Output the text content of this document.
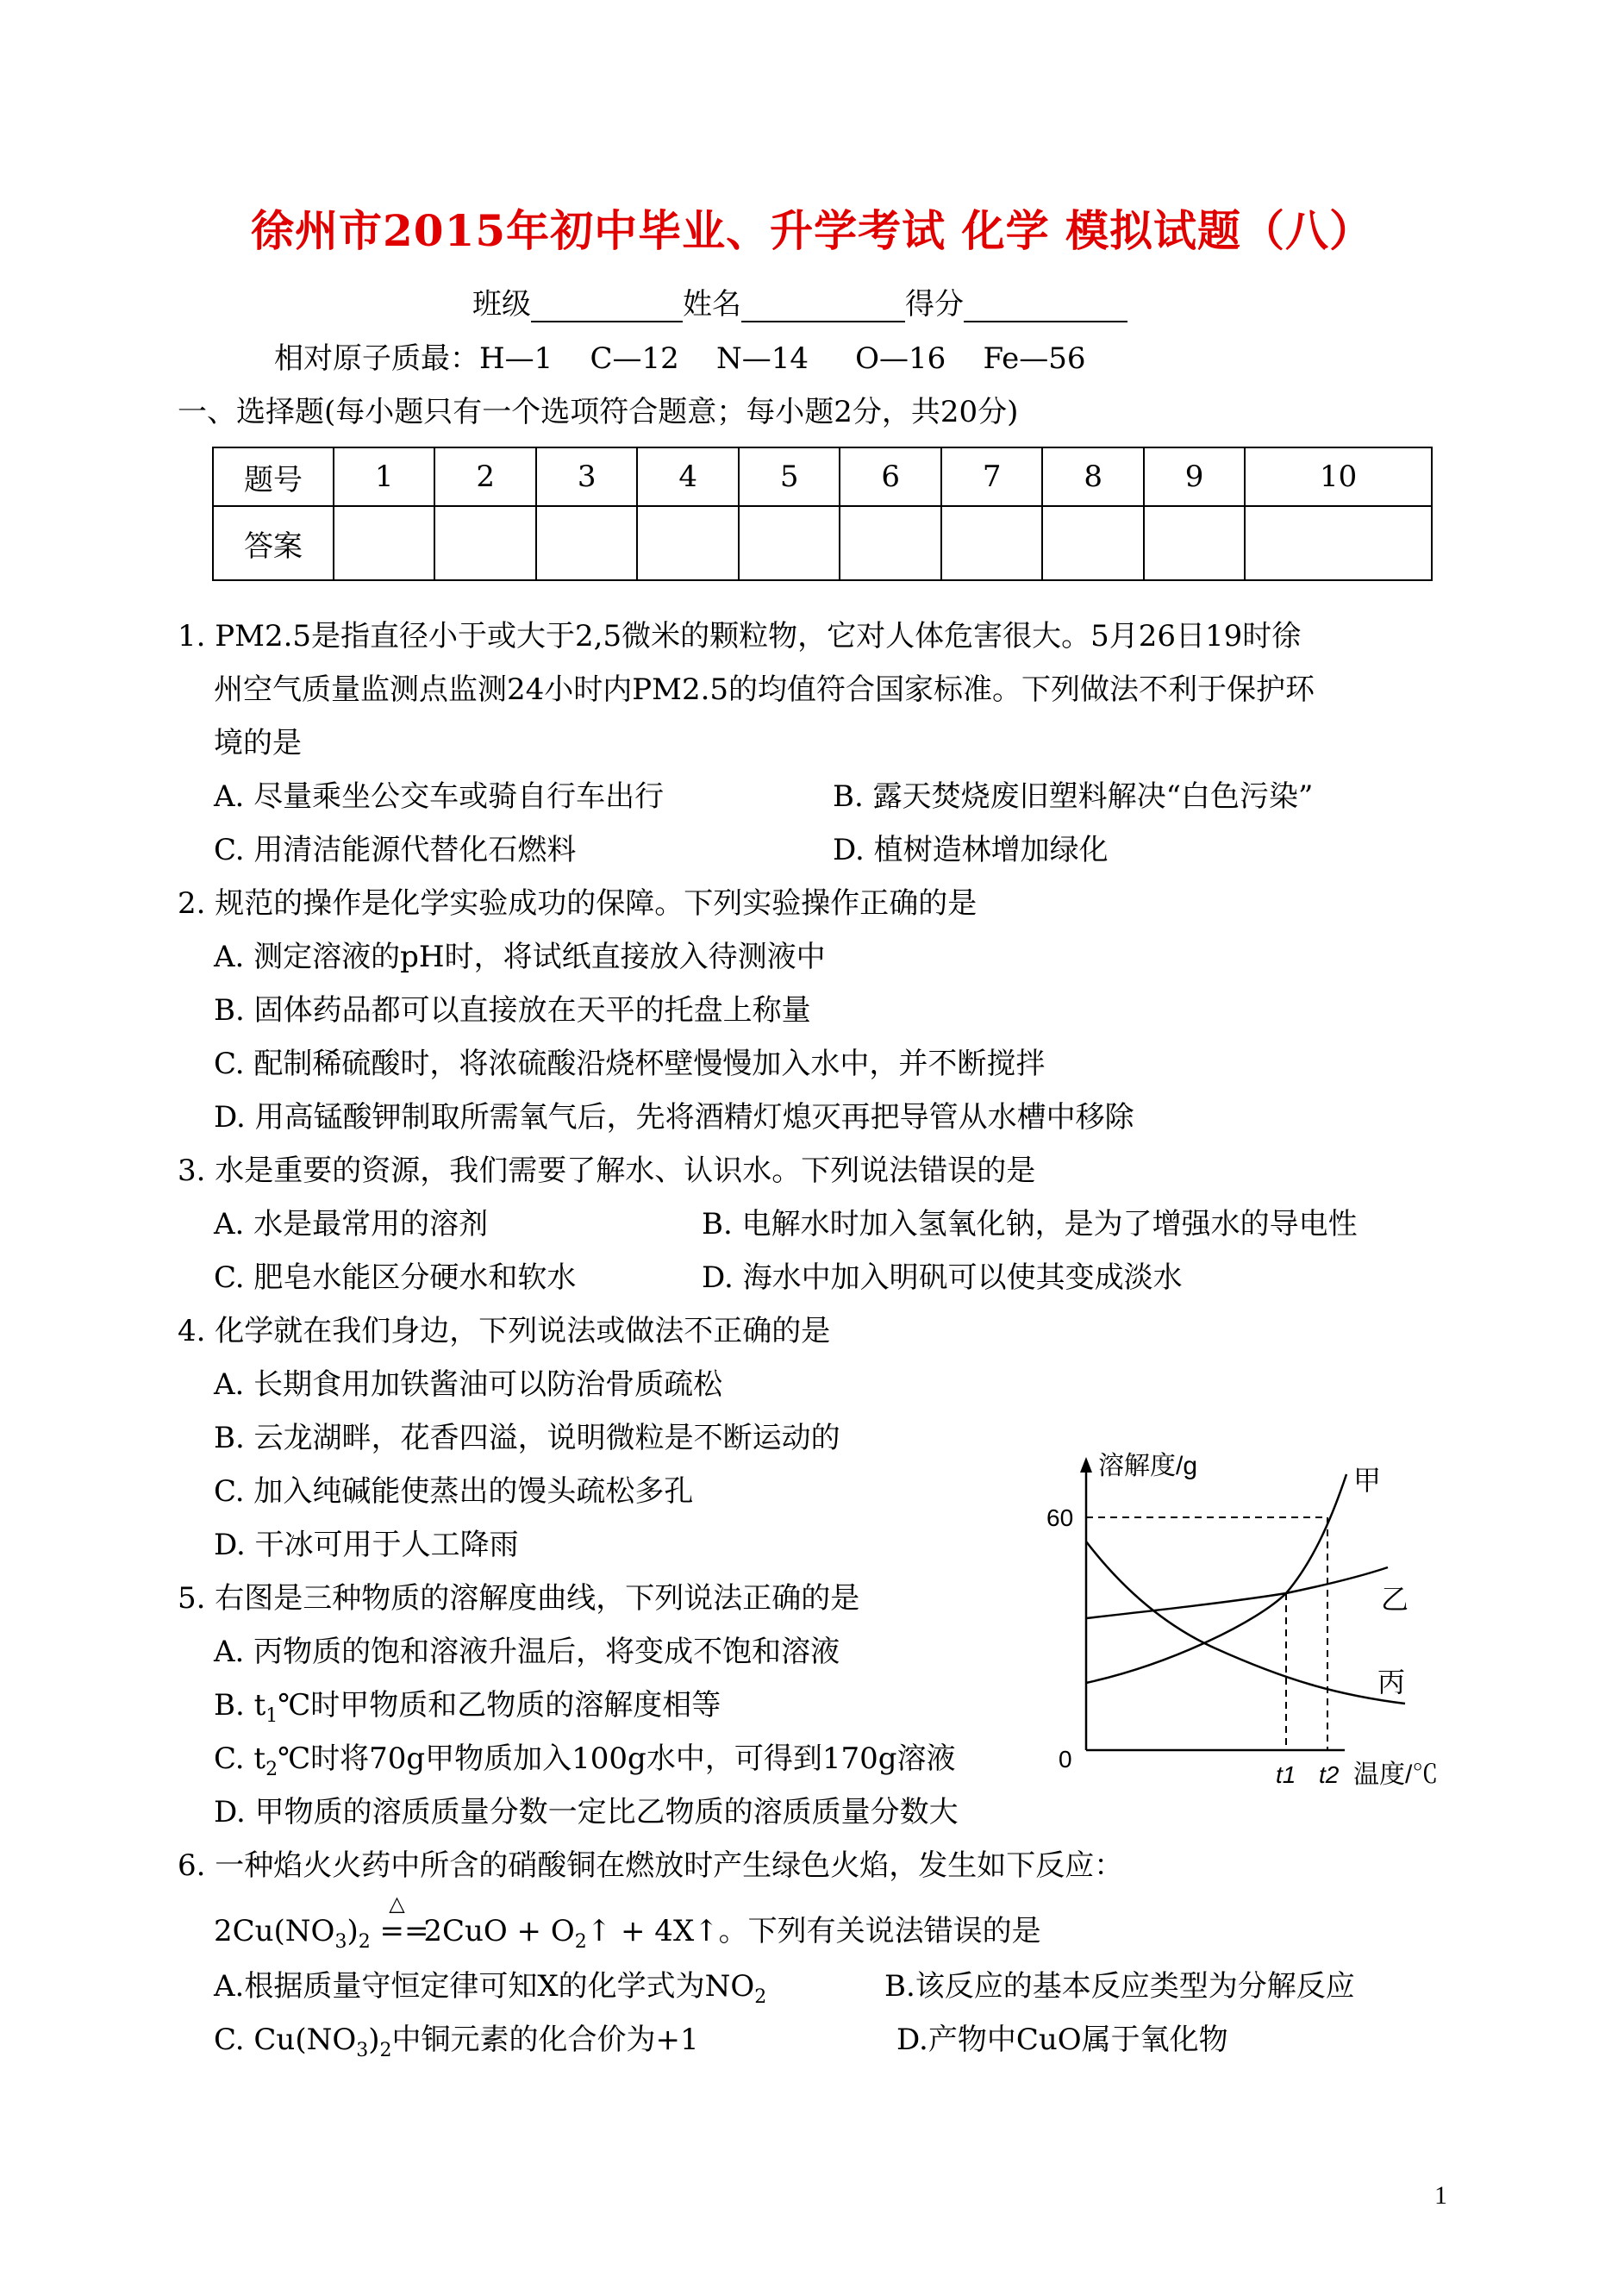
徐州市2015年初中毕业、升学考试 化学 模拟试题（八）
班级	姓名	得分
相对原子质最：H—1    C—12    N—14     O—16    Fe—56
一、选择题(每小题只有一个选项符合题意；每小题2分，共20分)
题号	1	2	3	4	5	6	7	8	9	10
答案										
1. PM2.5是指直径小于或大于2,5微米的颗粒物，它对人体危害很大。5月26日19时徐
州空气质量监测点监测24小时内PM2.5的均值符合国家标准。下列做法不利于保护环
境的是
A. 尽量乘坐公交车或骑自行车出行	B. 露天焚烧废旧塑料解决“白色污染”
C. 用清洁能源代替化石燃料	D. 植树造林增加绿化
2. 规范的操作是化学实验成功的保障。下列实验操作正确的是
A. 测定溶液的pH时，将试纸直接放入待测液中
B. 固体药品都可以直接放在天平的托盘上称量
C. 配制稀硫酸时，将浓硫酸沿烧杯壁慢慢加入水中，并不断搅拌
D. 用高锰酸钾制取所需氧气后，先将酒精灯熄灭再把导管从水槽中移除
3. 水是重要的资源，我们需要了解水、认识水。下列说法错误的是
A. 水是最常用的溶剂	B. 电解水时加入氢氧化钠，是为了增强水的导电性
C. 肥皂水能区分硬水和软水	D. 海水中加入明矾可以使其变成淡水
4. 化学就在我们身边，下列说法或做法不正确的是
A. 长期食用加铁酱油可以防治骨质疏松
B. 云龙湖畔，花香四溢，说明微粒是不断运动的
C. 加入纯碱能使蒸出的馒头疏松多孔
D. 干冰可用于人工降雨
5. 右图是三种物质的溶解度曲线，下列说法正确的是
A. 丙物质的饱和溶液升温后，将变成不饱和溶液
B. $t_1℃$时甲物质和乙物质的溶解度相等
C. $t_2℃$时将70g甲物质加入100g水中，可得到170g溶液
D. 甲物质的溶质质量分数一定比乙物质的溶质质量分数大
6. 一种焰火火药中所含的硝酸铜在燃放时产生绿色火焰，发生如下反应：
$2Cu(NO_3)_2$
△
== $2CuO + O_2↑$ + 4X↑。下列有关说法错误的是
A.根据质量守恒定律可知X的化学式为$NO_2$	B.该反应的基本反应类型为分解反应
C. $Cu(NO_3)_2$中铜元素的化合价为+1	D.产物中CuO属于氧化物
溶解度/g
60
0
t1 t2 温度/℃
甲
乙
丙
1
